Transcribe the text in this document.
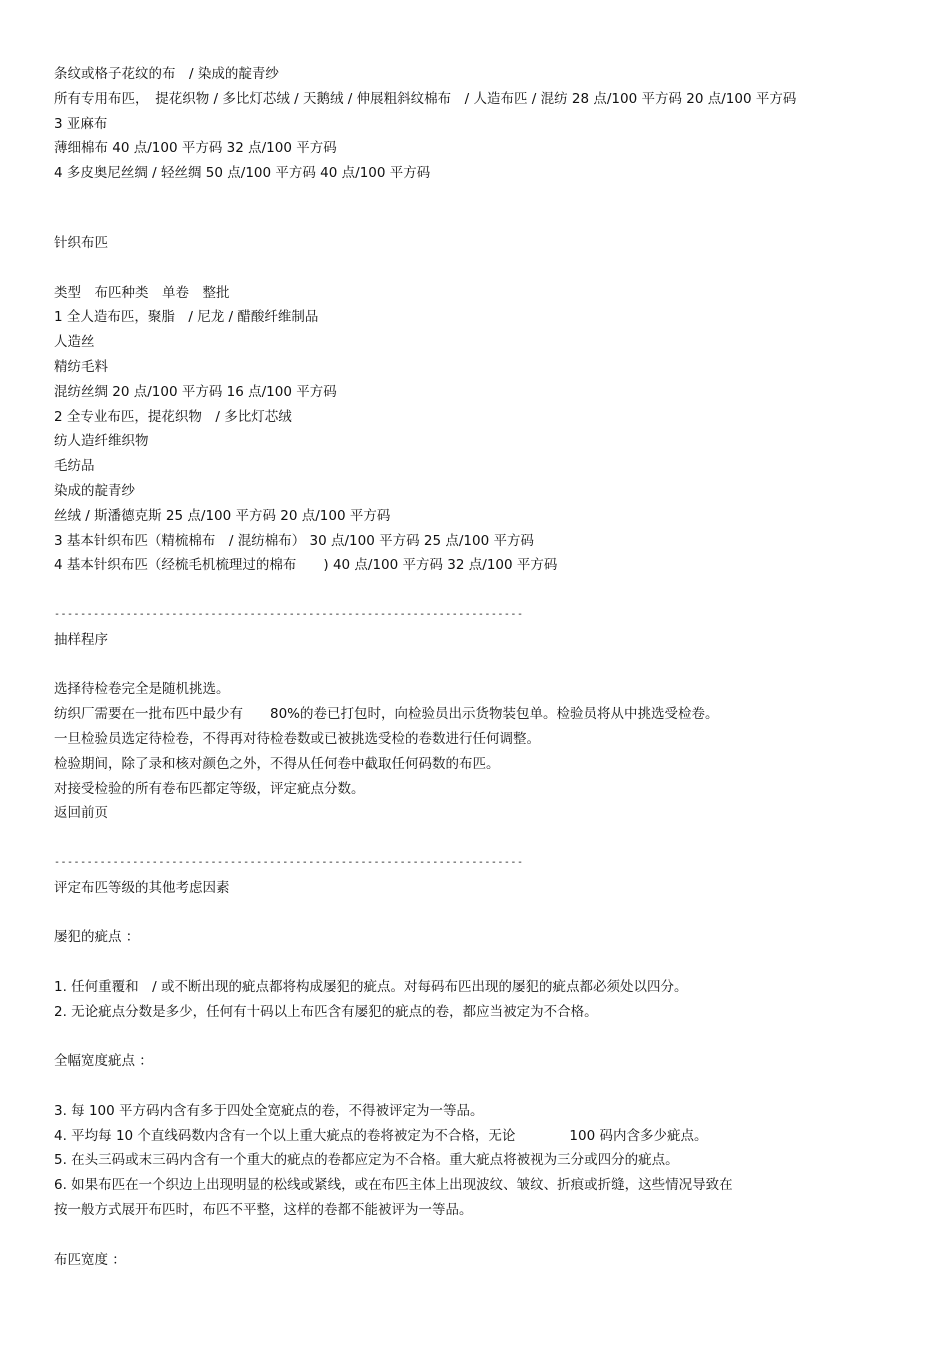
条纹或格子花纹的布　/ 染成的靛青纱
所有专用布匹，　提花织物 / 多比灯芯绒 / 天鹅绒 / 伸展粗斜纹棉布　/ 人造布匹 / 混纺 28 点/100 平方码 20 点/100 平方码
3 亚麻布
薄细棉布 40 点/100 平方码 32 点/100 平方码
4 多皮奥尼丝绸 / 轻丝绸 50 点/100 平方码 40 点/100 平方码
针织布匹
类型　布匹种类　单卷　整批
1 全人造布匹，聚脂　/ 尼龙 / 醋酸纤维制品
人造丝
精纺毛料
混纺丝绸 20 点/100 平方码 16 点/100 平方码
2 全专业布匹，提花织物　/ 多比灯芯绒
纺人造纤维织物
毛纺品
染成的靛青纱
丝绒 / 斯潘德克斯 25 点/100 平方码 20 点/100 平方码
3 基本针织布匹（精梳棉布　/ 混纺棉布） 30 点/100 平方码 25 点/100 平方码
4 基本针织布匹（经梳毛机梳理过的棉布　　) 40 点/100 平方码 32 点/100 平方码
------------------------------------------------------------------------
抽样程序
选择待检卷完全是随机挑选。
纺织厂需要在一批布匹中最少有　　80%的卷已打包时，向检验员出示货物装包单。检验员将从中挑选受检卷。
一旦检验员选定待检卷，不得再对待检卷数或已被挑选受检的卷数进行任何调整。
检验期间，除了录和核对颜色之外，不得从任何卷中截取任何码数的布匹。
对接受检验的所有卷布匹都定等级，评定疵点分数。
返回前页
------------------------------------------------------------------------
评定布匹等级的其他考虑因素
屡犯的疵点 ：
1. 任何重覆和　/ 或不断出现的疵点都将构成屡犯的疵点。对每码布匹出现的屡犯的疵点都必须处以四分。
2. 无论疵点分数是多少，任何有十码以上布匹含有屡犯的疵点的卷，都应当被定为不合格。
全幅宽度疵点 ：
3. 每 100 平方码内含有多于四处全宽疵点的卷，不得被评定为一等品。
4. 平均每 10 个直线码数内含有一个以上重大疵点的卷将被定为不合格，无论　　　　100 码内含多少疵点。
5. 在头三码或末三码内含有一个重大的疵点的卷都应定为不合格。重大疵点将被视为三分或四分的疵点。
6. 如果布匹在一个织边上出现明显的松线或紧线，或在布匹主体上出现波纹、皱纹、折痕或折缝，这些情况导致在
按一般方式展开布匹时，布匹不平整，这样的卷都不能被评为一等品。
布匹宽度 ：
